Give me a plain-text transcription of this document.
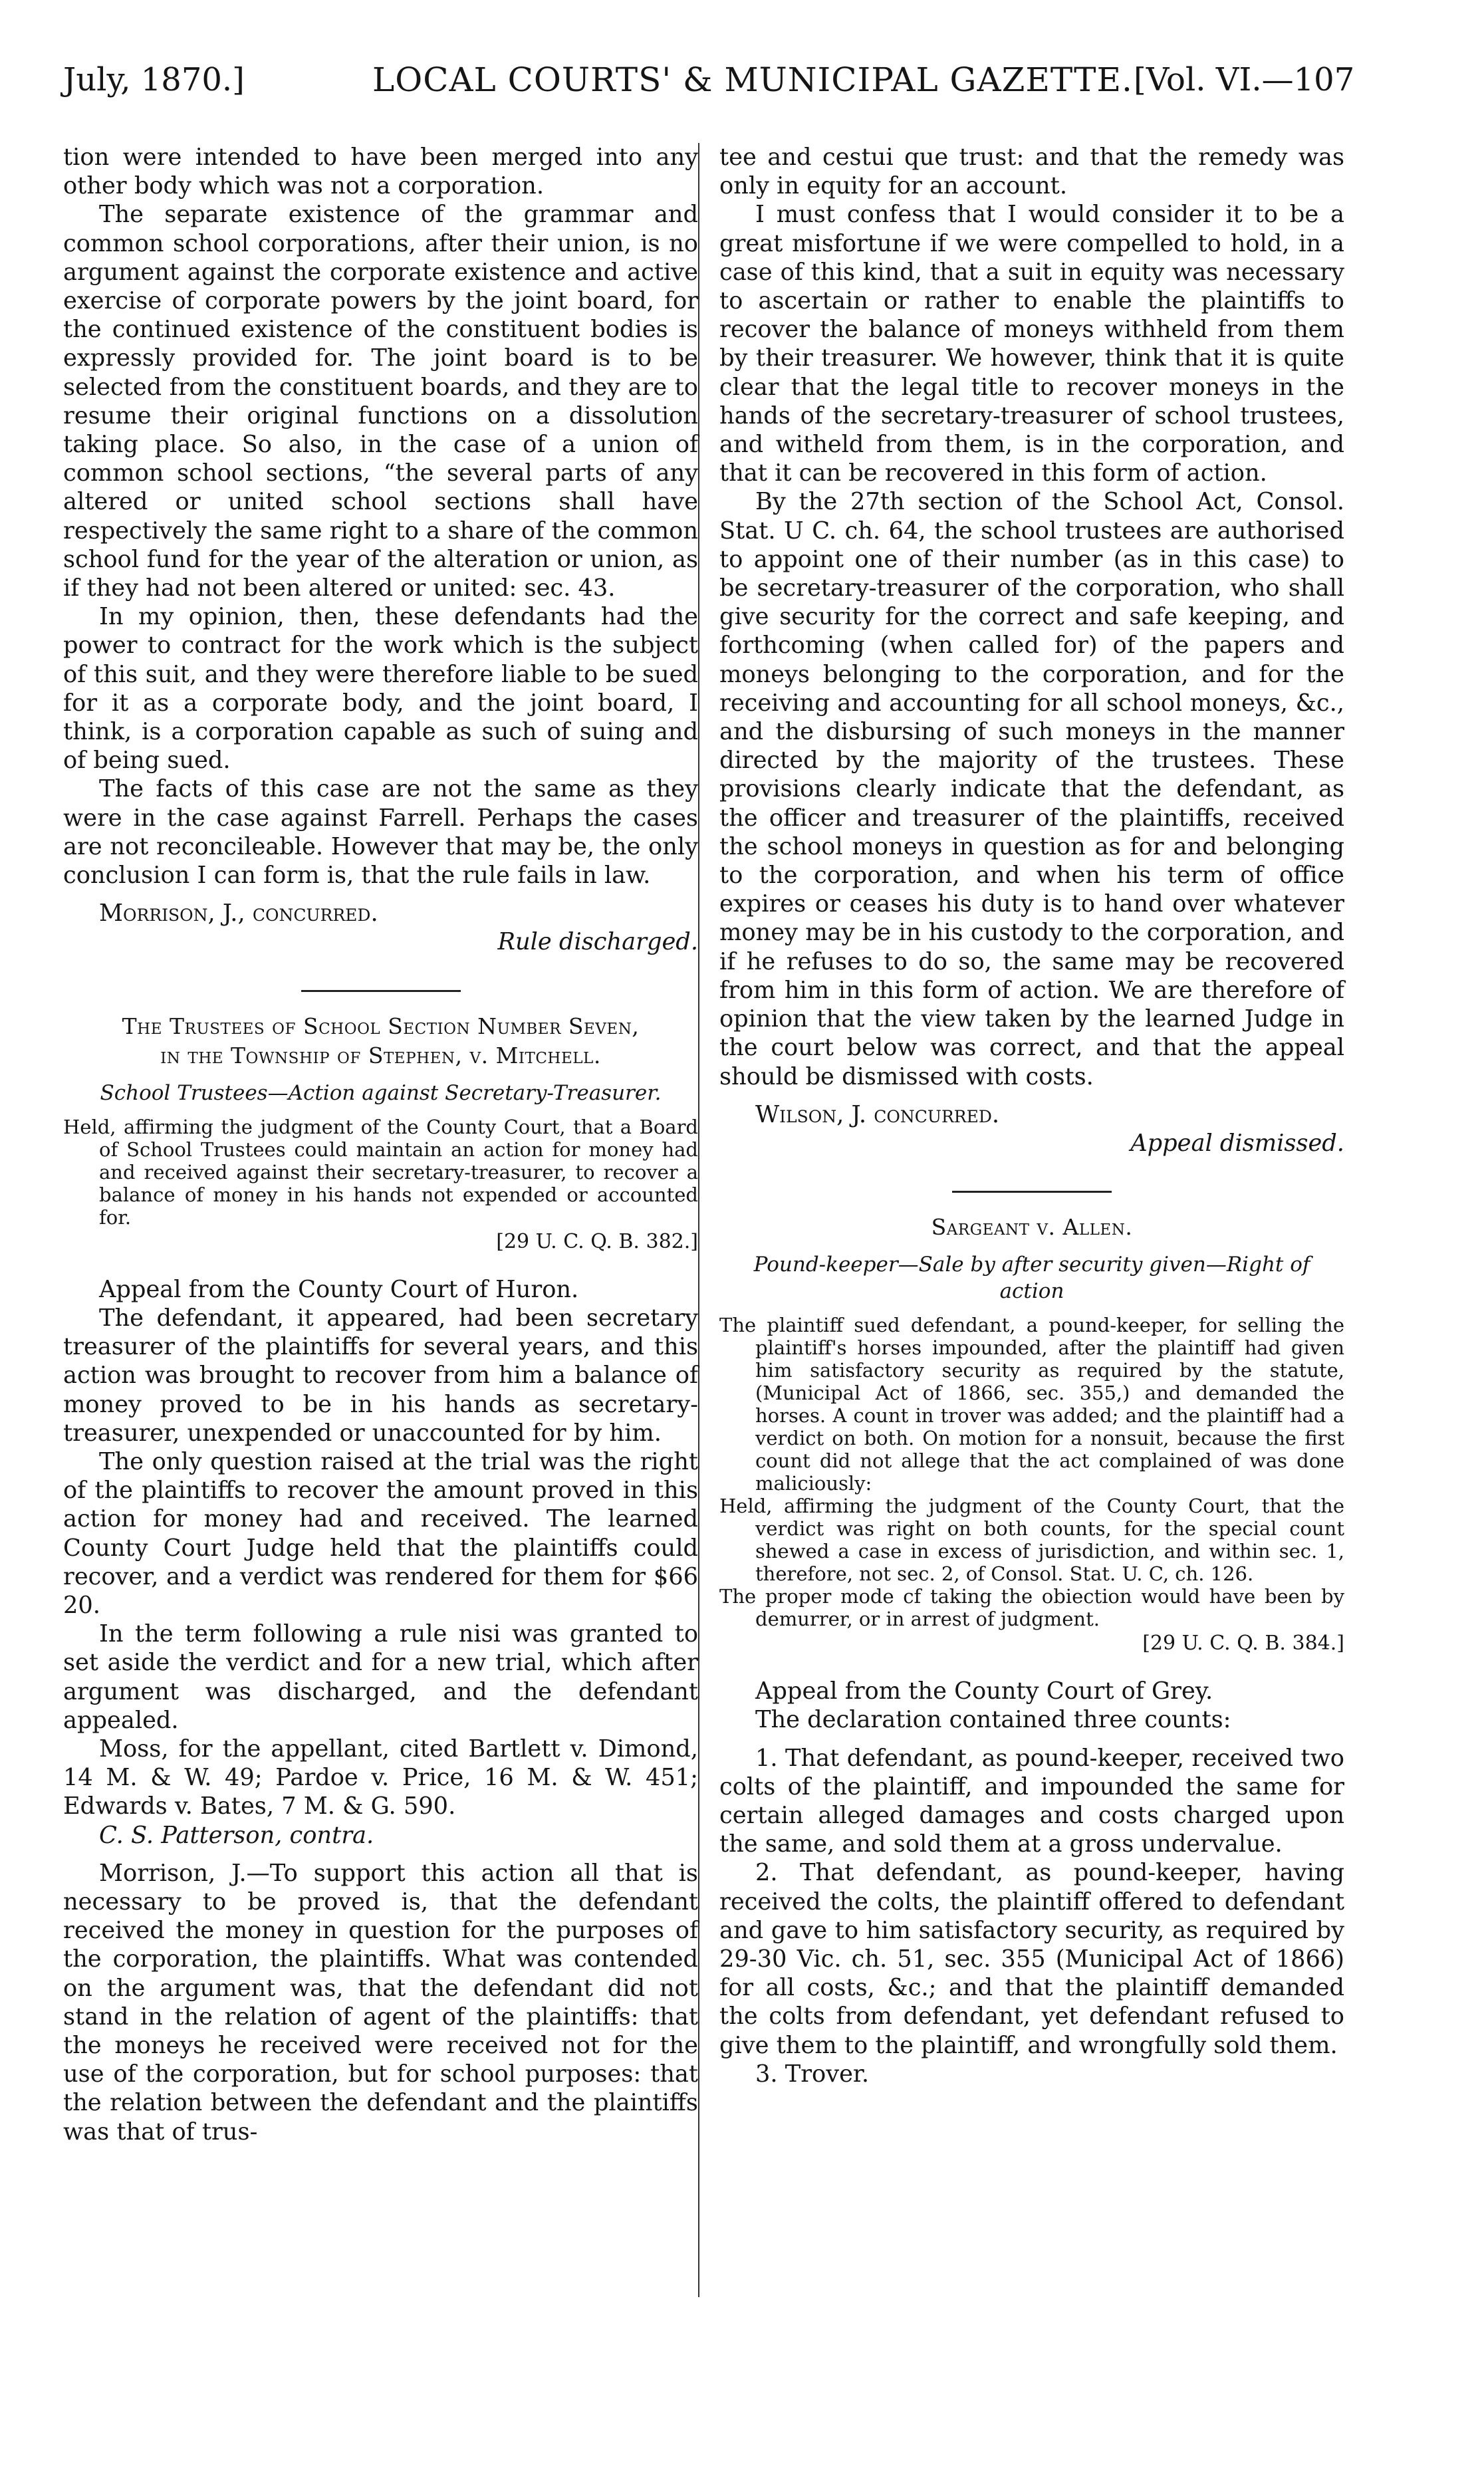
July, 1870.]	LOCAL COURTS' & MUNICIPAL GAZETTE. [Vol. VI.—107

tion were intended to have been merged into any other body which was not a corporation.

The separate existence of the grammar and common school corporations, after their union, is no argument against the corporate existence and active exercise of corporate powers by the joint board, for the continued existence of the constituent bodies is expressly provided for. The joint board is to be selected from the constituent boards, and they are to resume their original functions on a dissolution taking place. So also, in the case of a union of common school sections, “the several parts of any altered or united school sections shall have respectively the same right to a share of the common school fund for the year of the alteration or union, as if they had not been altered or united: sec. 43.

In my opinion, then, these defendants had the power to contract for the work which is the subject of this suit, and they were therefore liable to be sued for it as a corporate body, and the joint board, I think, is a corporation capable as such of suing and of being sued.

The facts of this case are not the same as they were in the case against Farrell. Perhaps the cases are not reconcileable. However that may be, the only conclusion I can form is, that the rule fails in law.

Morrison, J., concurred.

Rule discharged.

The Trustees of School Section Number Seven,

in the Township of Stephen, v. Mitchell.

School Trustees—Action against Secretary-Treasurer.

Held, affirming the judgment of the County Court, that a Board of School Trustees could maintain an action for money had and received against their secretary-treasurer, to recover a balance of money in his hands not expended or accounted for.

[29 U. C. Q. B. 382.]

Appeal from the County Court of Huron.

The defendant, it appeared, had been secretary treasurer of the plaintiffs for several years, and this action was brought to recover from him a balance of money proved to be in his hands as secretary-treasurer, unexpended or unaccounted for by him.

The only question raised at the trial was the right of the plaintiffs to recover the amount proved in this action for money had and received. The learned County Court Judge held that the plaintiffs could recover, and a verdict was rendered for them for $66 20.

In the term following a rule nisi was granted to set aside the verdict and for a new trial, which after argument was discharged, and the defendant appealed.

Moss, for the appellant, cited Bartlett v. Dimond, 14 M. & W. 49; Pardoe v. Price, 16 M. & W. 451; Edwards v. Bates, 7 M. & G. 590.

C. S. Patterson, contra.

Morrison, J.—To support this action all that is necessary to be proved is, that the defendant received the money in question for the purposes of the corporation, the plaintiffs. What was contended on the argument was, that the defendant did not stand in the relation of agent of the plaintiffs: that the moneys he received were received not for the use of the corporation, but for school purposes: that the relation between the defendant and the plaintiffs was that of trus-

tee and cestui que trust: and that the remedy was only in equity for an account.

I must confess that I would consider it to be a great misfortune if we were compelled to hold, in a case of this kind, that a suit in equity was necessary to ascertain or rather to enable the plaintiffs to recover the balance of moneys withheld from them by their treasurer. We however, think that it is quite clear that the legal title to recover moneys in the hands of the secretary-treasurer of school trustees, and witheld from them, is in the corporation, and that it can be recovered in this form of action.

By the 27th section of the School Act, Consol. Stat. U C. ch. 64, the school trustees are authorised to appoint one of their number (as in this case) to be secretary-treasurer of the corporation, who shall give security for the correct and safe keeping, and forthcoming (when called for) of the papers and moneys belonging to the corporation, and for the receiving and accounting for all school moneys, &c., and the disbursing of such moneys in the manner directed by the majority of the trustees. These provisions clearly indicate that the defendant, as the officer and treasurer of the plaintiffs, received the school moneys in question as for and belonging to the corporation, and when his term of office expires or ceases his duty is to hand over whatever money may be in his custody to the corporation, and if he refuses to do so, the same may be recovered from him in this form of action. We are therefore of opinion that the view taken by the learned Judge in the court below was correct, and that the appeal should be dismissed with costs.

Wilson, J. concurred.

Appeal dismissed.

Sargeant v. Allen.

Pound-keeper—Sale by after security given—Right of action

The plaintiff sued defendant, a pound-keeper, for selling the plaintiff's horses impounded, after the plaintiff had given him satisfactory security as required by the statute, (Municipal Act of 1866, sec. 355,) and demanded the horses. A count in trover was added; and the plaintiff had a verdict on both. On motion for a nonsuit, because the first count did not allege that the act complained of was done maliciously:

Held, affirming the judgment of the County Court, that the verdict was right on both counts, for the special count shewed a case in excess of jurisdiction, and within sec. 1, therefore, not sec. 2, of Consol. Stat. U. C, ch. 126.

The proper mode cf taking the obiection would have been by demurrer, or in arrest of judgment.

[29 U. C. Q. B. 384.]

Appeal from the County Court of Grey.

The declaration contained three counts:

1. That defendant, as pound-keeper, received two colts of the plaintiff, and impounded the same for certain alleged damages and costs charged upon the same, and sold them at a gross undervalue.

2. That defendant, as pound-keeper, having received the colts, the plaintiff offered to defendant and gave to him satisfactory security, as required by 29-30 Vic. ch. 51, sec. 355 (Municipal Act of 1866) for all costs, &c.; and that the plaintiff demanded the colts from defendant, yet defendant refused to give them to the plaintiff, and wrongfully sold them.

3. Trover.
